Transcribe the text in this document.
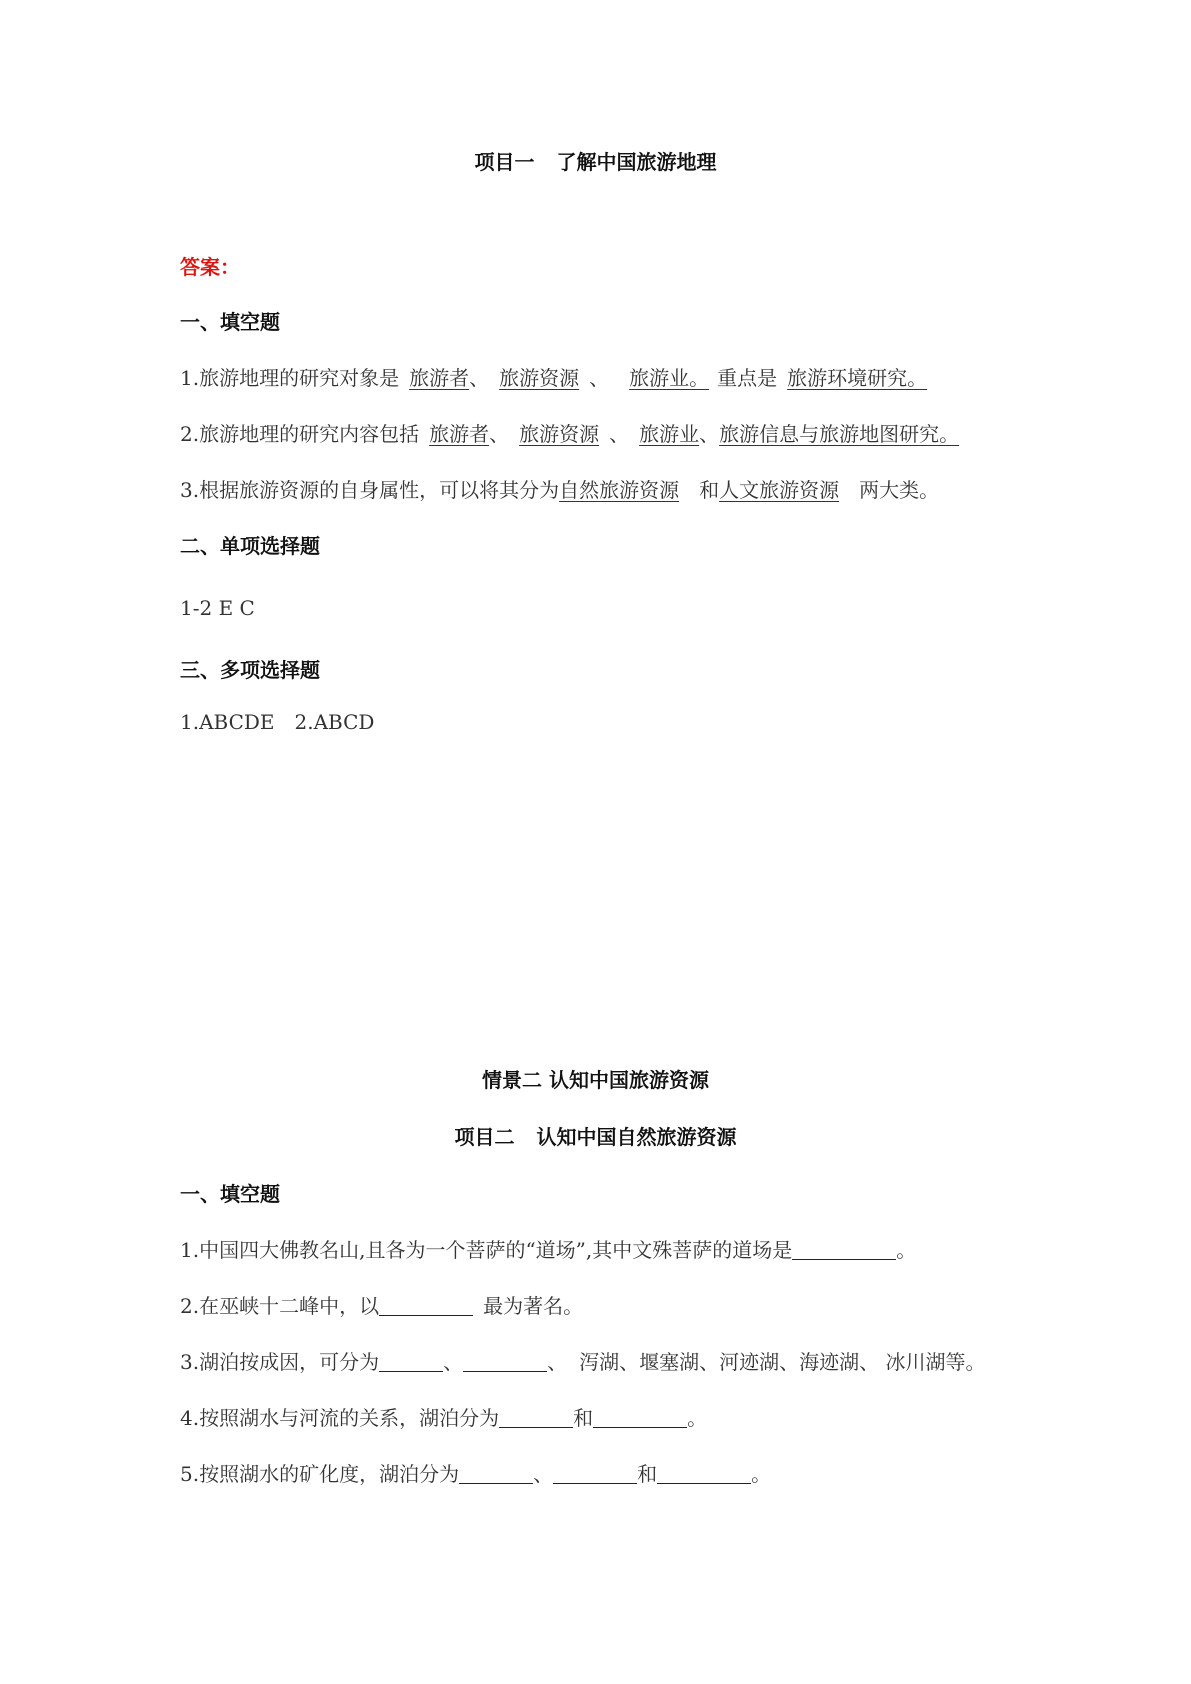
项目一 了解中国旅游地理
答案：
一、填空题
1.旅游地理的研究对象是 旅游者、 旅游资源 、 旅游业。 重点是 旅游环境研究。
2.旅游地理的研究内容包括 旅游者、 旅游资源 、 旅游业、旅游信息与旅游地图研究。
3.根据旅游资源的自身属性，可以将其分为自然旅游资源 和人文旅游资源 两大类。
二、单项选择题
1-2 E C
三、多项选择题
1.ABCDE 2.ABCD
情景二 认知中国旅游资源
项目二 认知中国自然旅游资源
一、填空题
1.中国四大佛教名山,且各为一个菩萨的“道场”,其中文殊菩萨的道场是	。
2.在巫峡十二峰中，以	最为著名。
3.湖泊按成因，可分为	、	、 泻湖、堰塞湖、河迹湖、海迹湖、 冰川湖等。
4.按照湖水与河流的关系，湖泊分为	和	。
5.按照湖水的矿化度，湖泊分为	、	和	。
